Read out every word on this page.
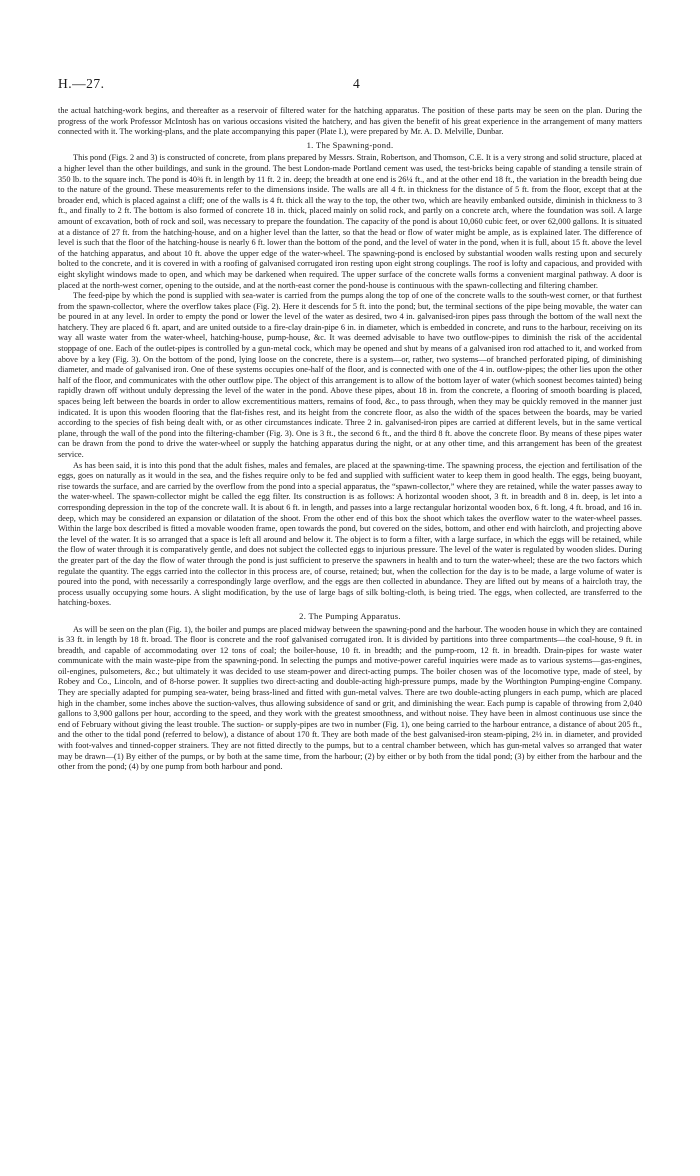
H.—27.	4

the actual hatching-work begins, and thereafter as a reservoir of filtered water for the hatching apparatus. The position of these parts may be seen on the plan. During the progress of the work Professor McIntosh has on various occasions visited the hatchery, and has given the benefit of his great experience in the arrangement of many matters connected with it. The working-plans, and the plate accompanying this paper (Plate I.), were prepared by Mr. A. D. Melville, Dunbar.

1. The Spawning-pond.

This pond (Figs. 2 and 3) is constructed of concrete, from plans prepared by Messrs. Strain, Robertson, and Thomson, C.E. It is a very strong and solid structure, placed at a higher level than the other buildings, and sunk in the ground. The best London-made Portland cement was used, the test-bricks being capable of standing a tensile strain of 350 lb. to the square inch. The pond is 40¾ ft. in length by 11 ft. 2 in. deep; the breadth at one end is 26¼ ft., and at the other end 18 ft., the variation in the breadth being due to the nature of the ground. These measurements refer to the dimensions inside. The walls are all 4 ft. in thickness for the distance of 5 ft. from the floor, except that at the broader end, which is placed against a cliff; one of the walls is 4 ft. thick all the way to the top, the other two, which are heavily embanked outside, diminish in thickness to 3 ft., and finally to 2 ft. The bottom is also formed of concrete 18 in. thick, placed mainly on solid rock, and partly on a concrete arch, where the foundation was soil. A large amount of excavation, both of rock and soil, was necessary to prepare the foundation. The capacity of the pond is about 10,060 cubic feet, or over 62,000 gallons. It is situated at a distance of 27 ft. from the hatching-house, and on a higher level than the latter, so that the head or flow of water might be ample, as is explained later. The difference of level is such that the floor of the hatching-house is nearly 6 ft. lower than the bottom of the pond, and the level of water in the pond, when it is full, about 15 ft. above the level of the hatching apparatus, and about 10 ft. above the upper edge of the water-wheel. The spawning-pond is enclosed by substantial wooden walls resting upon and securely bolted to the concrete, and it is covered in with a roofing of galvanised corrugated iron resting upon eight strong couplings. The roof is lofty and capacious, and provided with eight skylight windows made to open, and which may be darkened when required. The upper surface of the concrete walls forms a convenient marginal pathway. A door is placed at the north-west corner, opening to the outside, and at the north-east corner the pond-house is continuous with the spawn-collecting and filtering chamber.

The feed-pipe by which the pond is supplied with sea-water is carried from the pumps along the top of one of the concrete walls to the south-west corner, or that furthest from the spawn-collector, where the overflow takes place (Fig. 2). Here it descends for 5 ft. into the pond; but, the terminal sections of the pipe being movable, the water can be poured in at any level. In order to empty the pond or lower the level of the water as desired, two 4 in. galvanised-iron pipes pass through the bottom of the wall next the hatchery. They are placed 6 ft. apart, and are united outside to a fire-clay drain-pipe 6 in. in diameter, which is embedded in concrete, and runs to the harbour, receiving on its way all waste water from the water-wheel, hatching-house, pump-house, &c. It was deemed advisable to have two outflow-pipes to diminish the risk of the accidental stoppage of one. Each of the outlet-pipes is controlled by a gun-metal cock, which may be opened and shut by means of a galvanised iron rod attached to it, and worked from above by a key (Fig. 3). On the bottom of the pond, lying loose on the concrete, there is a system—or, rather, two systems—of branched perforated piping, of diminishing diameter, and made of galvanised iron. One of these systems occupies one-half of the floor, and is connected with one of the 4 in. outflow-pipes; the other lies upon the other half of the floor, and communicates with the other outflow pipe. The object of this arrangement is to allow of the bottom layer of water (which soonest becomes tainted) being rapidly drawn off without unduly depressing the level of the water in the pond. Above these pipes, about 18 in. from the concrete, a flooring of smooth boarding is placed, spaces being left between the boards in order to allow excrementitious matters, remains of food, &c., to pass through, when they may be quickly removed in the manner just indicated. It is upon this wooden flooring that the flat-fishes rest, and its height from the concrete floor, as also the width of the spaces between the boards, may be varied according to the species of fish being dealt with, or as other circumstances indicate. Three 2 in. galvanised-iron pipes are carried at different levels, but in the same vertical plane, through the wall of the pond into the filtering-chamber (Fig. 3). One is 3 ft., the second 6 ft., and the third 8 ft. above the concrete floor. By means of these pipes water can be drawn from the pond to drive the water-wheel or supply the hatching apparatus during the night, or at any other time, and this arrangement has been of the greatest service.

As has been said, it is into this pond that the adult fishes, males and females, are placed at the spawning-time. The spawning process, the ejection and fertilisation of the eggs, goes on naturally as it would in the sea, and the fishes require only to be fed and supplied with sufficient water to keep them in good health. The eggs, being buoyant, rise towards the surface, and are carried by the overflow from the pond into a special apparatus, the “spawn-collector,” where they are retained, while the water passes away to the water-wheel. The spawn-collector might be called the egg filter. Its construction is as follows: A horizontal wooden shoot, 3 ft. in breadth and 8 in. deep, is let into a corresponding depression in the top of the concrete wall. It is about 6 ft. in length, and passes into a large rectangular horizontal wooden box, 6 ft. long, 4 ft. broad, and 16 in. deep, which may be considered an expansion or dilatation of the shoot. From the other end of this box the shoot which takes the overflow water to the water-wheel passes. Within the large box described is fitted a movable wooden frame, open towards the pond, but covered on the sides, bottom, and other end with haircloth, and projecting above the level of the water. It is so arranged that a space is left all around and below it. The object is to form a filter, with a large surface, in which the eggs will be retained, while the flow of water through it is comparatively gentle, and does not subject the collected eggs to injurious pressure. The level of the water is regulated by wooden slides. During the greater part of the day the flow of water through the pond is just sufficient to preserve the spawners in health and to turn the water-wheel; these are the two factors which regulate the quantity. The eggs carried into the collector in this process are, of course, retained; but, when the collection for the day is to be made, a large volume of water is poured into the pond, with necessarily a correspondingly large overflow, and the eggs are then collected in abundance. They are lifted out by means of a haircloth tray, the process usually occupying some hours. A slight modification, by the use of large bags of silk bolting-cloth, is being tried. The eggs, when collected, are transferred to the hatching-boxes.

2. The Pumping Apparatus.

As will be seen on the plan (Fig. 1), the boiler and pumps are placed midway between the spawning-pond and the harbour. The wooden house in which they are contained is 33 ft. in length by 18 ft. broad. The floor is concrete and the roof galvanised corrugated iron. It is divided by partitions into three compartments—the coal-house, 9 ft. in breadth, and capable of accommodating over 12 tons of coal; the boiler-house, 10 ft. in breadth; and the pump-room, 12 ft. in breadth. Drain-pipes for waste water communicate with the main waste-pipe from the spawning-pond. In selecting the pumps and motive-power careful inquiries were made as to various systems—gas-engines, oil-engines, pulsometers, &c.; but ultimately it was decided to use steam-power and direct-acting pumps. The boiler chosen was of the locomotive type, made of steel, by Robey and Co., Lincoln, and of 8-horse power. It supplies two direct-acting and double-acting high-pressure pumps, made by the Worthington Pumping-engine Company. They are specially adapted for pumping sea-water, being brass-lined and fitted with gun-metal valves. There are two double-acting plungers in each pump, which are placed high in the chamber, some inches above the suction-valves, thus allowing subsidence of sand or grit, and diminishing the wear. Each pump is capable of throwing from 2,040 gallons to 3,900 gallons per hour, according to the speed, and they work with the greatest smoothness, and without noise. They have been in almost continuous use since the end of February without giving the least trouble. The suction- or supply-pipes are two in number (Fig. 1), one being carried to the harbour entrance, a distance of about 205 ft., and the other to the tidal pond (referred to below), a distance of about 170 ft. They are both made of the best galvanised-iron steam-piping, 2½ in. in diameter, and provided with foot-valves and tinned-copper strainers. They are not fitted directly to the pumps, but to a central chamber between, which has gun-metal valves so arranged that water may be drawn—(1) By either of the pumps, or by both at the same time, from the harbour; (2) by either or by both from the tidal pond; (3) by either from the harbour and the other from the pond; (4) by one pump from both harbour and pond.
